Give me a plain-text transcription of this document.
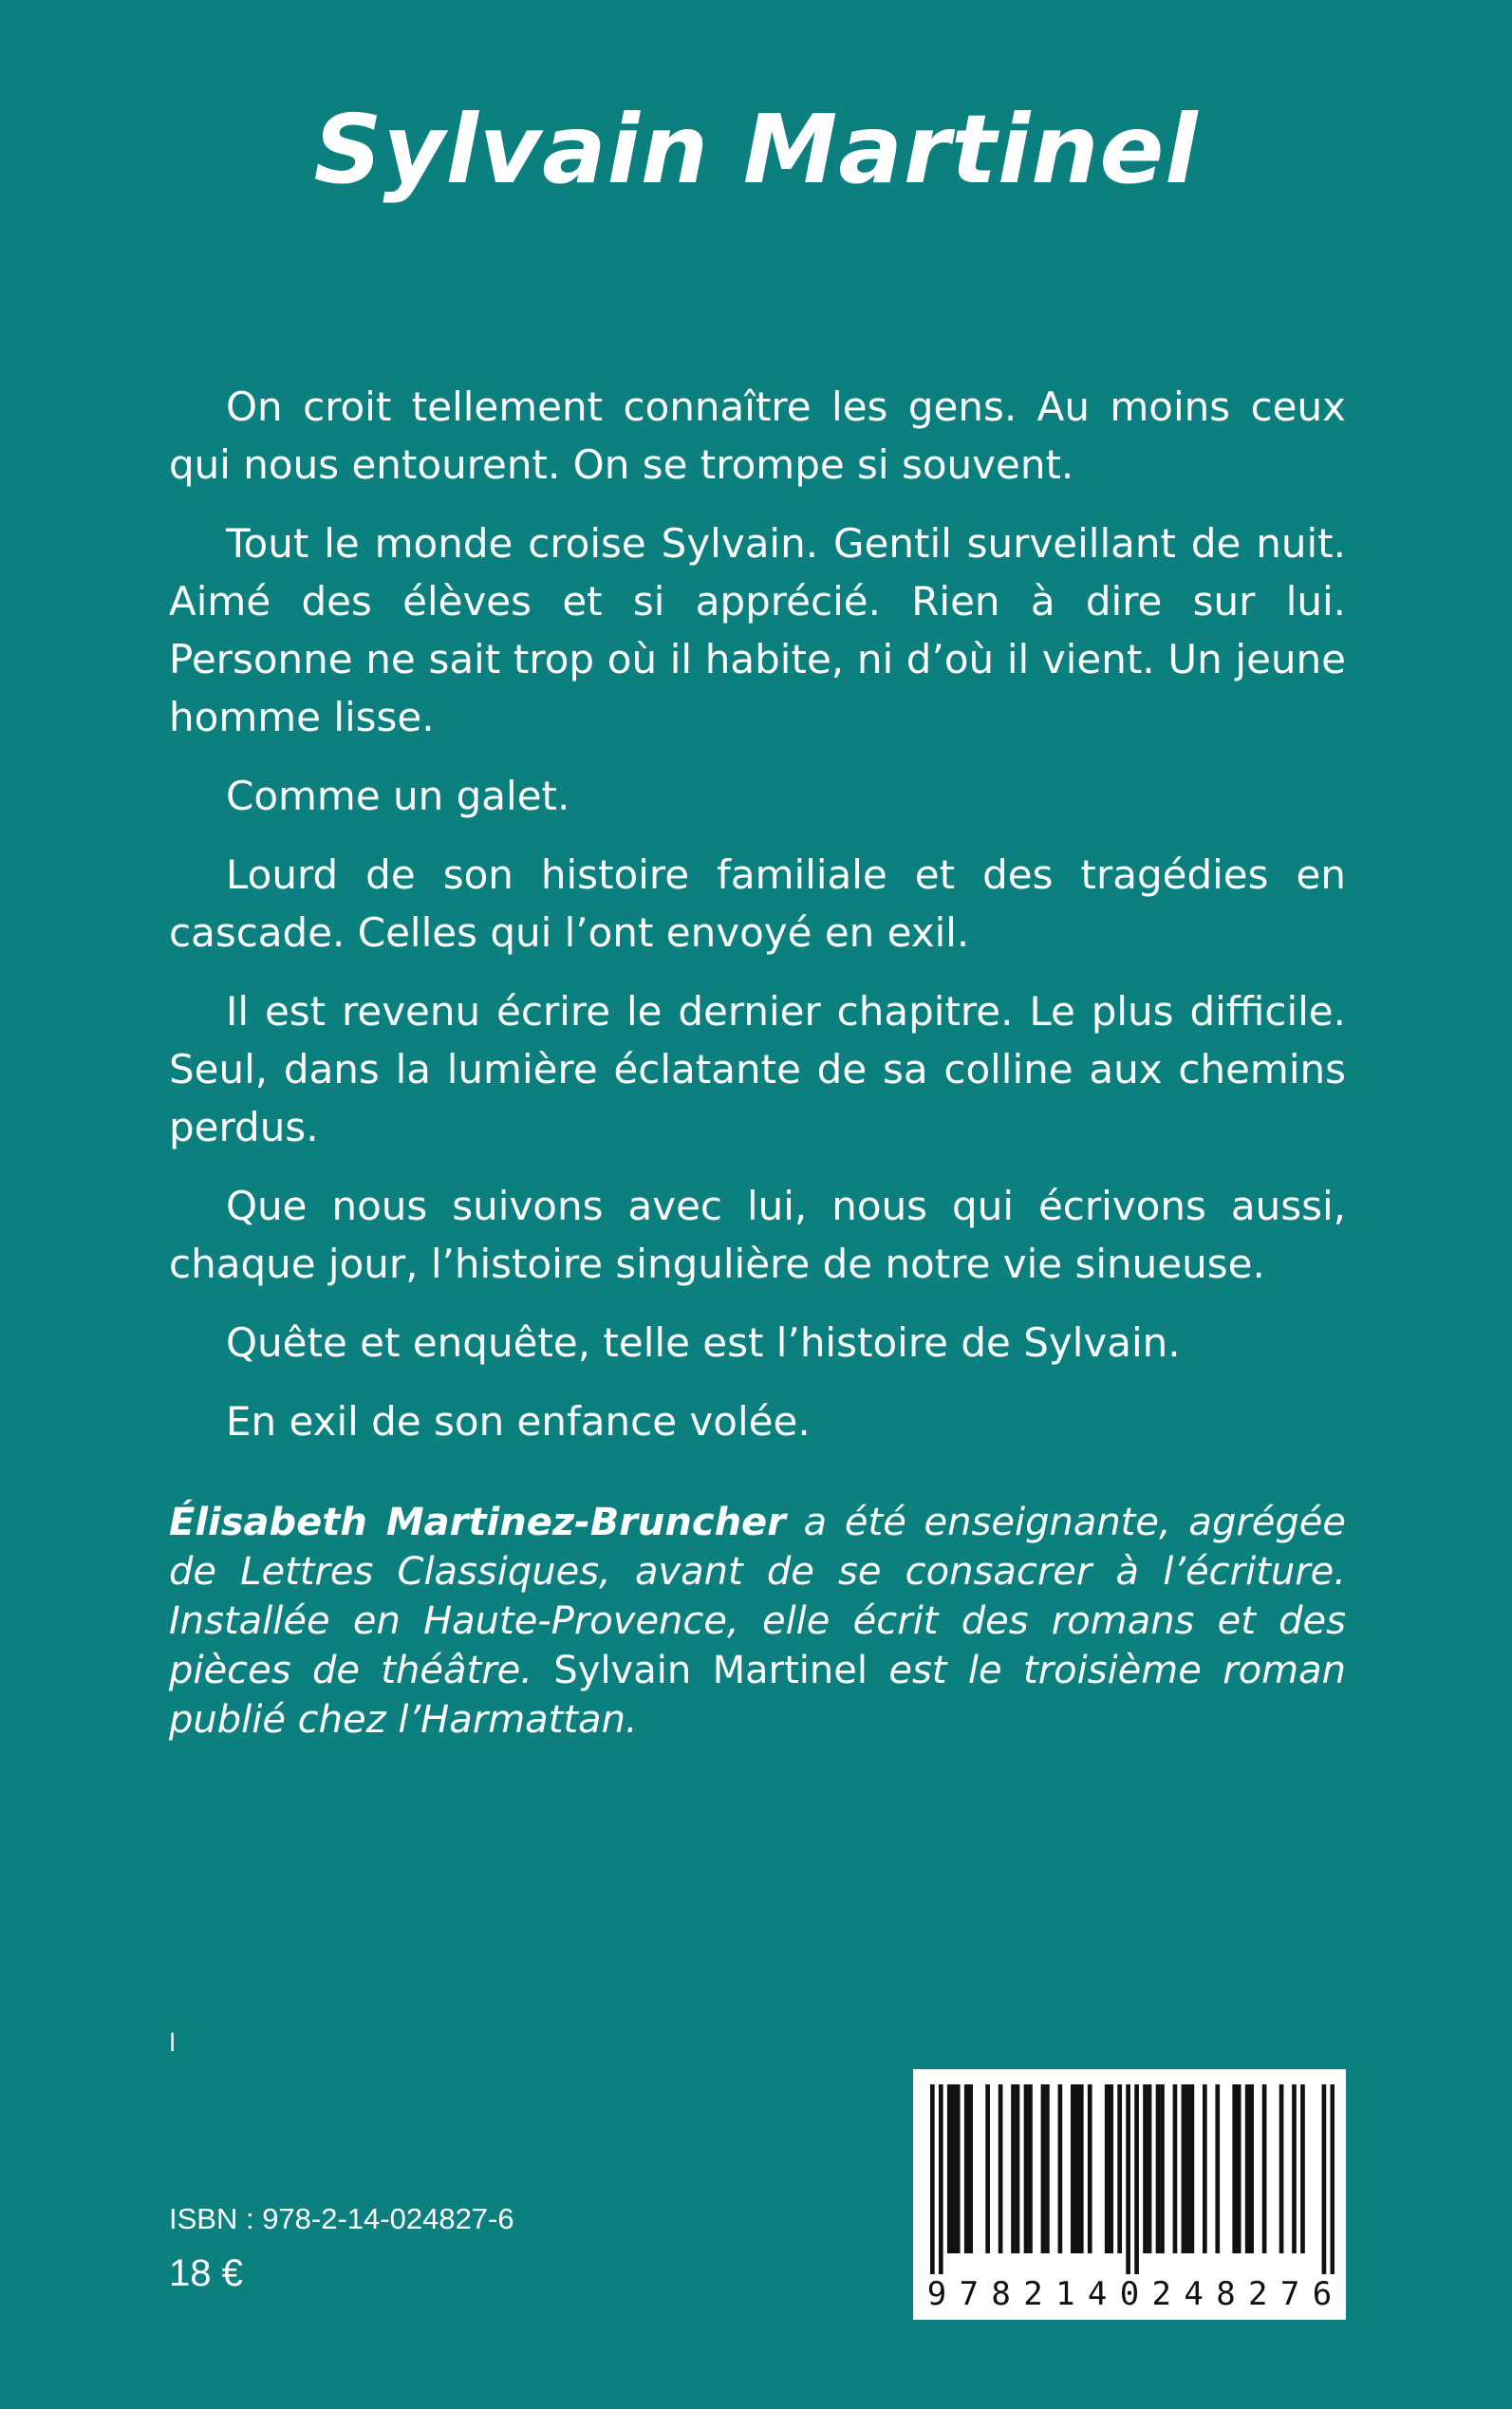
Sylvain Martinel

On croit tellement connaître les gens. Au moins ceux qui nous entourent. On se trompe si souvent.

Tout le monde croise Sylvain. Gentil surveillant de nuit. Aimé des élèves et si apprécié. Rien à dire sur lui. Personne ne sait trop où il habite, ni d’où il vient. Un jeune homme lisse.

Comme un galet.

Lourd de son histoire familiale et des tragédies en cascade. Celles qui l’ont envoyé en exil.

Il est revenu écrire le dernier chapitre. Le plus difficile. Seul, dans la lumière éclatante de sa colline aux chemins perdus.

Que nous suivons avec lui, nous qui écrivons aussi, chaque jour, l’histoire singulière de notre vie sinueuse.

Quête et enquête, telle est l’histoire de Sylvain.

En exil de son enfance volée.

Élisabeth Martinez-Bruncher a été enseignante, agrégée de Lettres Classiques, avant de se consacrer à l’écriture. Installée en Haute-Provence, elle écrit des romans et des pièces de théâtre. Sylvain Martinel est le troisième roman publié chez l’Harmattan.

l
ISBN : 978-2-14-024827-6
18 €	9 7 8 2 1 4 0 2 4 8 2 7 6
